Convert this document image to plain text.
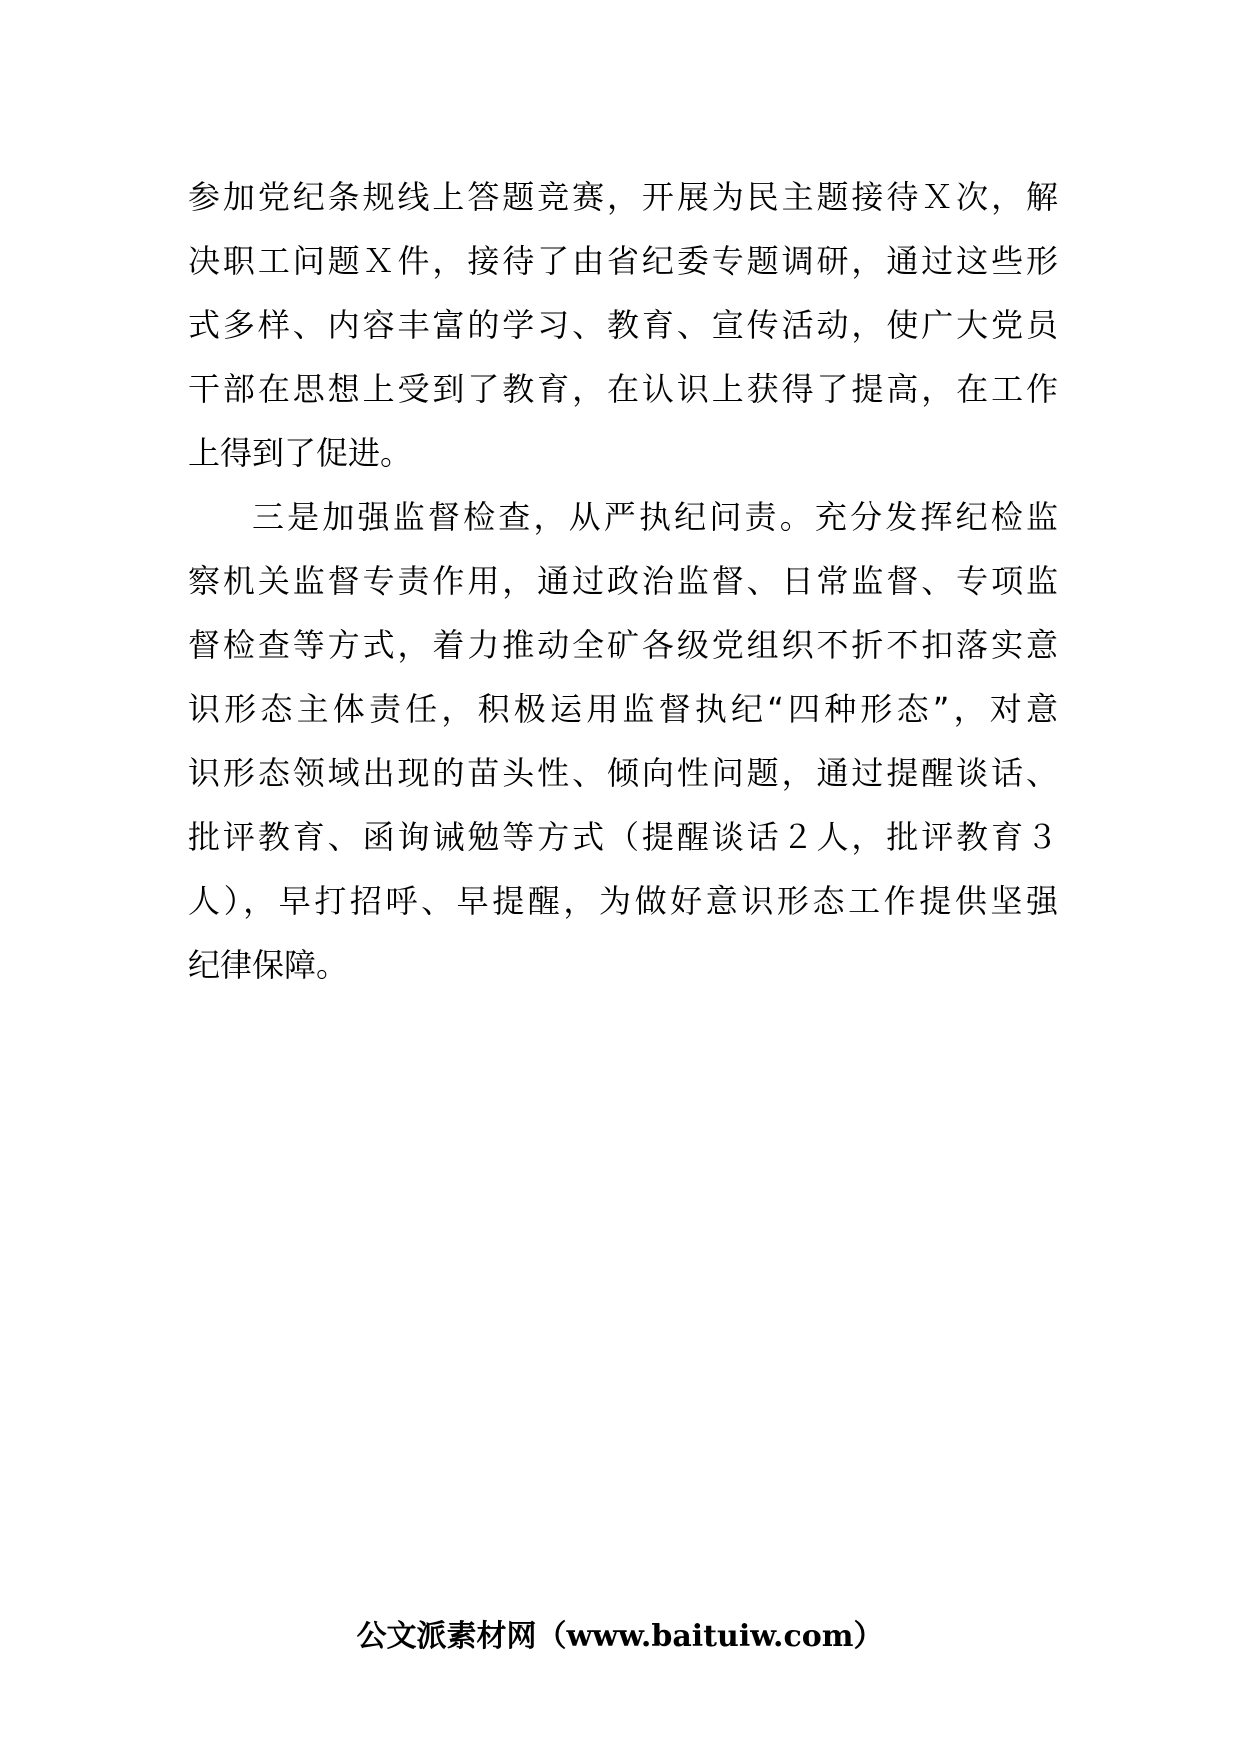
参加党纪条规线上答题竞赛，开展为民主题接待Ｘ次，解
决职工问题Ｘ件，接待了由省纪委专题调研，通过这些形
式多样、内容丰富的学习、教育、宣传活动，使广大党员
干部在思想上受到了教育，在认识上获得了提高，在工作
上得到了促进。
三是加强监督检查，从严执纪问责。充分发挥纪检监
察机关监督专责作用，通过政治监督、日常监督、专项监
督检查等方式，着力推动全矿各级党组织不折不扣落实意
识形态主体责任，积极运用监督执纪“四种形态”，对意
识形态领域出现的苗头性、倾向性问题，通过提醒谈话、
批评教育、函询诫勉等方式（提醒谈话２人，批评教育３
人），早打招呼、早提醒，为做好意识形态工作提供坚强
纪律保障。
公文派素材网（www.baituiw.com）
